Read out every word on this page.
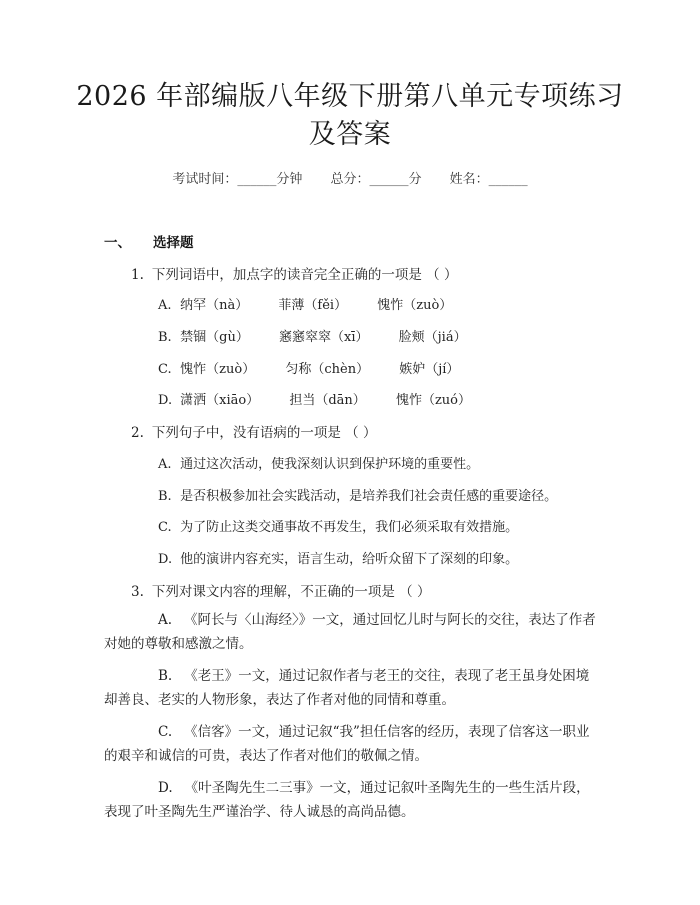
2026 年部编版八年级下册第八单元专项练习
及答案
考试时间：______分钟 总分：______分 姓名：______
一、 选择题
1. 下列词语中，加点字的读音完全正确的一项是 （ ）
A. 纳罕（nà） 菲薄（fěi） 愧怍（zuò）
B. 禁锢（gù） 窸窸窣窣（xī） 脸颊（jiá）
C. 愧怍（zuò） 匀称（chèn） 嫉妒（jí）
D. 潇洒（xiāo） 担当（dān） 愧怍（zuó）
2. 下列句子中，没有语病的一项是 （ ）
A. 通过这次活动，使我深刻认识到保护环境的重要性。
B. 是否积极参加社会实践活动，是培养我们社会责任感的重要途径。
C. 为了防止这类交通事故不再发生，我们必须采取有效措施。
D. 他的演讲内容充实，语言生动，给听众留下了深刻的印象。
3. 下列对课文内容的理解，不正确的一项是 （ ）
A. 《阿长与〈山海经〉》一文，通过回忆儿时与阿长的交往，表达了作者对她的尊敬和感激之情。
B. 《老王》一文，通过记叙作者与老王的交往，表现了老王虽身处困境却善良、老实的人物形象，表达了作者对他的同情和尊重。
C. 《信客》一文，通过记叙“我”担任信客的经历，表现了信客这一职业的艰辛和诚信的可贵，表达了作者对他们的敬佩之情。
D. 《叶圣陶先生二三事》一文，通过记叙叶圣陶先生的一些生活片段，表现了叶圣陶先生严谨治学、待人诚恳的高尚品德。
